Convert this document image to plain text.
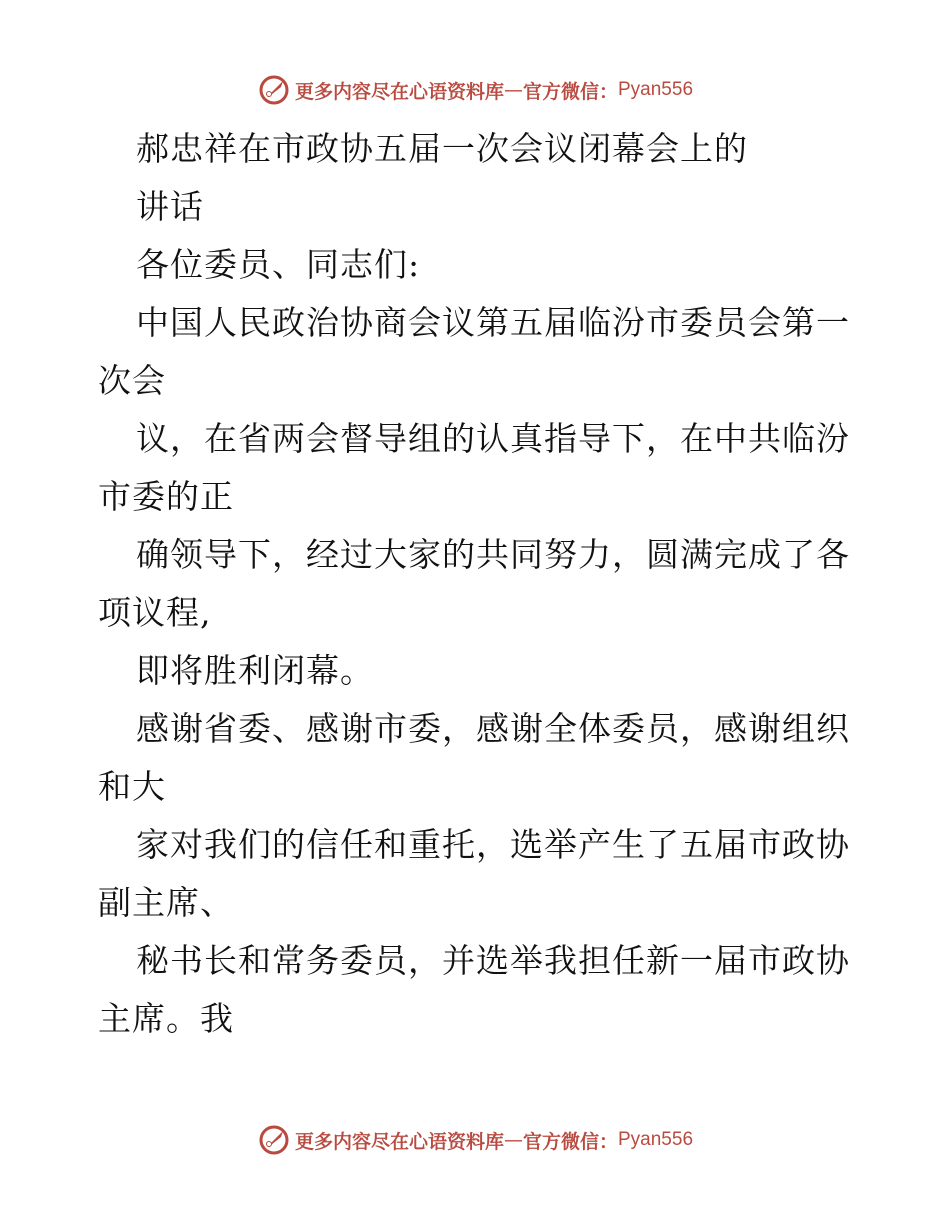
更多内容尽在心语资料库 — 官方微信： Pyan556
郝忠祥在市政协五届一次会议闭幕会上的
讲话
各位委员、同志们:
中国人民政治协商会议第五届临汾市委员会第一
次会
议，在省两会督导组的认真指导下，在中共临汾
市委的正
确领导下，经过大家的共同努力，圆满完成了各
项议程,
即将胜利闭幕。
感谢省委、感谢市委，感谢全体委员，感谢组织
和大
家对我们的信任和重托，选举产生了五届市政协
副主席、
秘书长和常务委员，并选举我担任新一届市政协
主席。我
更多内容尽在心语资料库 — 官方微信： Pyan556
